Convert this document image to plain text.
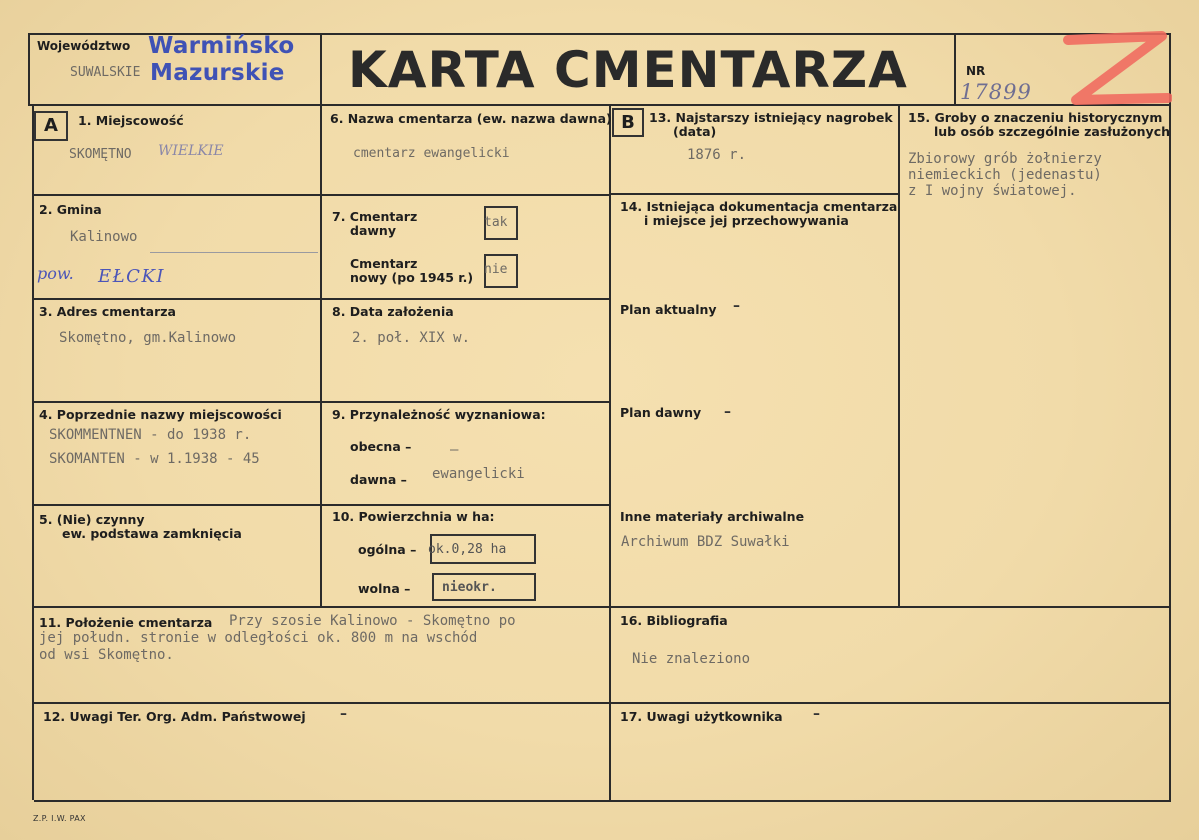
Województwo
SUWALSKIE
Warmińsko
Mazurskie KARTA CMENTARZA	NR
17899
A	B
1. Miejscowość
SKOMĘTNO WIELKIE
2. Gmina
Kalinowo
pow. EŁCKI
3. Adres cmentarza
Skomętno, gm.Kalinowo
4. Poprzednie nazwy miejscowości
SKOMMENTNEN - do 1938 r.
SKOMANTEN - w 1.1938 - 45
5. (Nie) czynny
ew. podstawa zamknięcia
6. Nazwa cmentarza (ew. nazwa dawna)
cmentarz ewangelicki
7. Cmentarz
dawny
tak
Cmentarz
nowy (po 1945 r.)
nie
8. Data założenia
2. poł. XIX w.
9. Przynależność wyznaniowa:
obecna –	–
dawna – ewangelicki
10. Powierzchnia w ha:
ogólna – ok.0,28 ha
wolna – nieokr.
11. Położenie cmentarza Przy szosie Kalinowo - Skomętno po
jej połudn. stronie w odległości ok. 800 m na wschód
od wsi Skomętno.
12. Uwagi Ter. Org. Adm. Państwowej –
13. Najstarszy istniejący nagrobek
(data)
1876 r.
14. Istniejąca dokumentacja cmentarza
i miejsce jej przechowywania
Plan aktualny –
Plan dawny –
Inne materiały archiwalne
Archiwum BDZ Suwałki
15. Groby o znaczeniu historycznym
lub osób szczególnie zasłużonych
Zbiorowy grób żołnierzy
niemieckich (jedenastu)
z I wojny światowej.
16. Bibliografia
Nie znaleziono
17. Uwagi użytkownika –
Z.P. I.W. PAX
